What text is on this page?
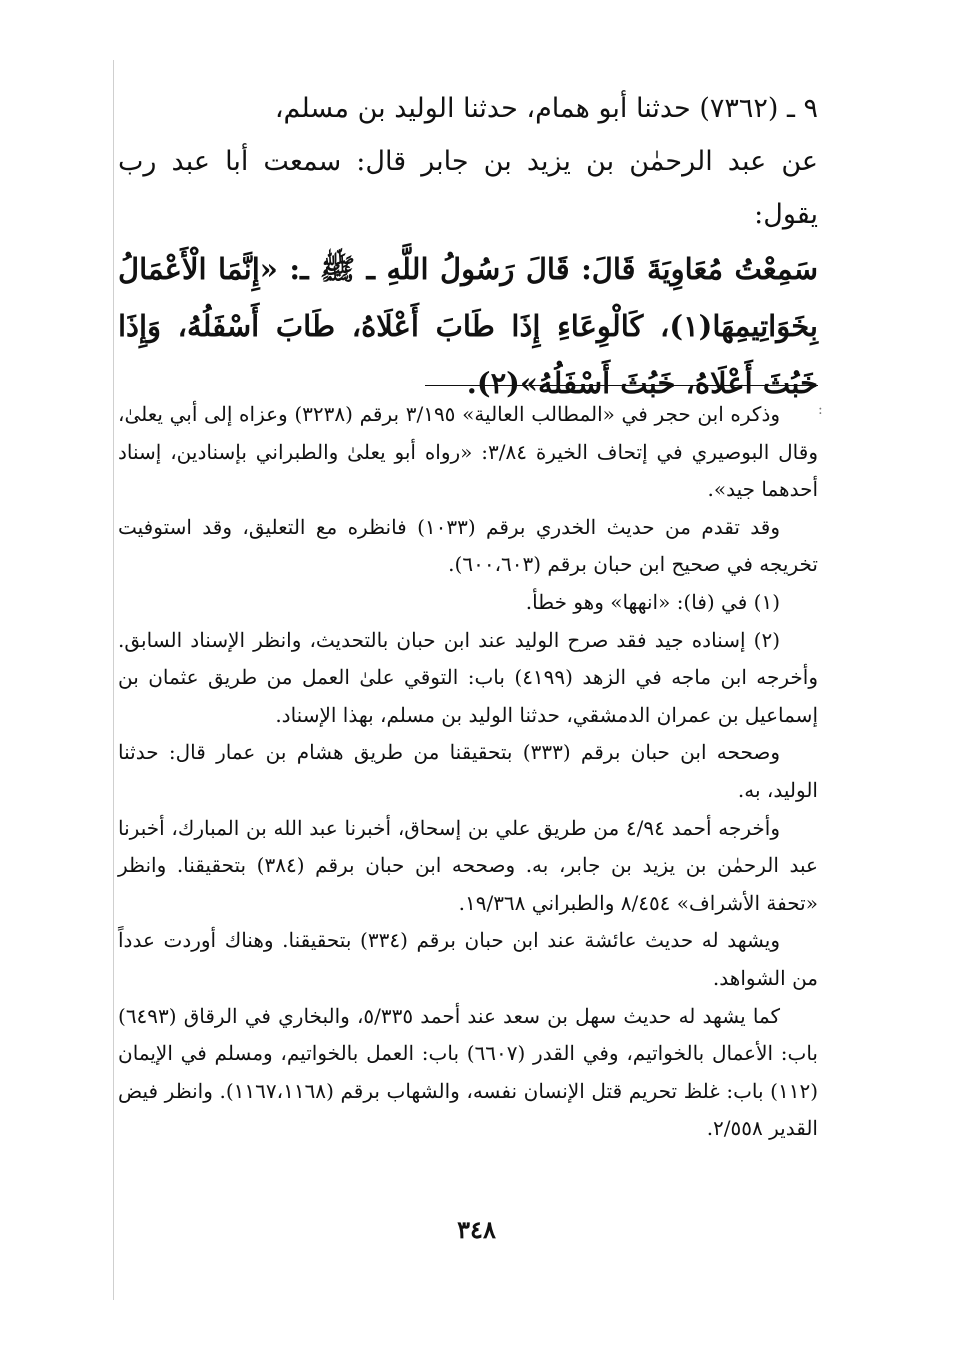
:

٩ ـ (٧٣٦٢) حدثنا أبو همام، حدثنا الوليد بن مسلم،

عن عبد الرحمٰن بن يزيد بن جابر قال: سمعت أبا عبد رب يقول:

سَمِعْتُ مُعَاوِيَةَ قَالَ: قَالَ رَسُولُ اللَّهِ ـ ﷺ ـ: «إِنَّمَا الْأَعْمَالُ بِخَوَاتِيمِهَا(١)، كَالْوِعَاءِ إِذَا طَابَ أَعْلَاهُ، طَابَ أَسْفَلُهُ، وَإِذَا خَبُثَ أَعْلَاهُ، خَبُثَ أَسْفَلُهُ»(٢).

وذكره ابن حجر في «المطالب العالية» ٣/١٩٥ برقم (٣٢٣٨) وعزاه إلى أبي يعلىٰ، وقال البوصيري في إتحاف الخيرة ٣/٨٤: «رواه أبو يعلىٰ والطبراني بإسنادين، إسناد أحدهما جيد».

وقد تقدم من حديث الخدري برقم (١٠٣٣) فانظره مع التعليق، وقد استوفيت تخريجه في صحيح ابن حبان برقم (٦٠٠،٦٠٣).

(١) في (فا): «انهها» وهو خطأ.

(٢) إسناده جيد فقد صرح الوليد عند ابن حبان بالتحديث، وانظر الإسناد السابق. وأخرجه ابن ماجه في الزهد (٤١٩٩) باب: التوقي علىٰ العمل من طريق عثمان بن إسماعيل بن عمران الدمشقي، حدثنا الوليد بن مسلم، بهذا الإسناد.

وصححه ابن حبان برقم (٣٣٣) بتحقيقنا من طريق هشام بن عمار قال: حدثنا الوليد، به.

وأخرجه أحمد ٤/٩٤ من طريق علي بن إسحاق، أخبرنا عبد الله بن المبارك، أخبرنا عبد الرحمٰن بن يزيد بن جابر، به. وصححه ابن حبان برقم (٣٨٤) بتحقيقنا. وانظر «تحفة الأشراف» ٨/٤٥٤ والطبراني ١٩/٣٦٨.

ويشهد له حديث عائشة عند ابن حبان برقم (٣٣٤) بتحقيقنا. وهناك أوردت عدداً من الشواهد.

كما يشهد له حديث سهل بن سعد عند أحمد ٥/٣٣٥، والبخاري في الرقاق (٦٤٩٣) باب: الأعمال بالخواتيم، وفي القدر (٦٦٠٧) باب: العمل بالخواتيم، ومسلم في الإيمان (١١٢) باب: غلظ تحريم قتل الإنسان نفسه، والشهاب برقم (١١٦٧،١١٦٨). وانظر فيض القدير ٢/٥٥٨.

٣٤٨
